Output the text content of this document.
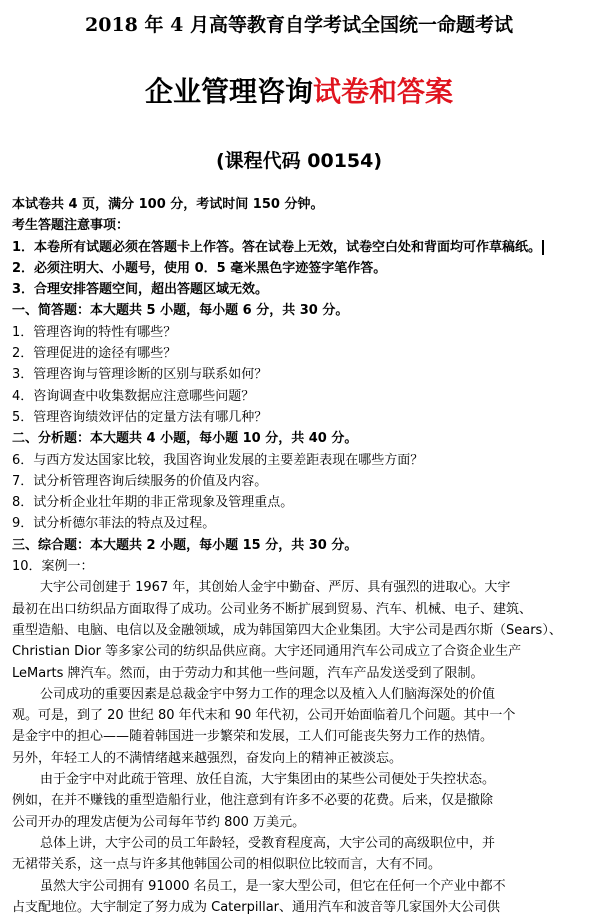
2018 年 4 月高等教育自学考试全国统一命题考试
企业管理咨询试卷和答案
(课程代码 00154)
本试卷共 4 页，满分 100 分，考试时间 150 分钟。
考生答题注意事项：
1．本卷所有试题必须在答题卡上作答。答在试卷上无效，试卷空白处和背面均可作草稿纸。
2．必须注明大、小题号，使用 0．5 毫米黑色字迹签字笔作答。
3．合理安排答题空间，超出答题区域无效。
一、简答题：本大题共 5 小题，每小题 6 分，共 30 分。
1．管理咨询的特性有哪些？
2．管理促进的途径有哪些？
3．管理咨询与管理诊断的区别与联系如何？
4．咨询调查中收集数据应注意哪些问题？
5．管理咨询绩效评估的定量方法有哪几种？
二、分析题：本大题共 4 小题，每小题 10 分，共 40 分。
6．与西方发达国家比较，我国咨询业发展的主要差距表现在哪些方面？
7．试分析管理咨询后续服务的价值及内容。
8．试分析企业壮年期的非正常现象及管理重点。
9．试分析德尔菲法的特点及过程。
三、综合题：本大题共 2 小题，每小题 15 分，共 30 分。
10．案例一：
大宇公司创建于 1967 年，其创始人金宇中勤奋、严厉、具有强烈的进取心。大宇
最初在出口纺织品方面取得了成功。公司业务不断扩展到贸易、汽车、机械、电子、建筑、
重型造船、电脑、电信以及金融领域，成为韩国第四大企业集团。大宇公司是西尔斯（Sears）、
Christian Dior 等多家公司的纺织品供应商。大宇还同通用汽车公司成立了合资企业生产
LeMarts 牌汽车。然而，由于劳动力和其他一些问题，汽车产品发送受到了限制。
公司成功的重要因素是总裁金宇中努力工作的理念以及植入人们脑海深处的价值
观。可是，到了 20 世纪 80 年代末和 90 年代初，公司开始面临着几个问题。其中一个
是金宇中的担心——随着韩国进一步繁荣和发展，工人们可能丧失努力工作的热情。
另外，年轻工人的不满情绪越来越强烈，奋发向上的精神正被淡忘。
由于金宇中对此疏于管理、放任自流，大宇集团由的某些公司便处于失控状态。
例如，在并不赚钱的重型造船行业，他注意到有许多不必要的花费。后来，仅是撤除
公司开办的理发店便为公司每年节约 800 万美元。
总体上讲，大宇公司的员工年龄轻，受教育程度高，大宇公司的高级职位中，并
无裙带关系，这一点与许多其他韩国公司的相似职位比较而言，大有不同。
虽然大宇公司拥有 91000 名员工，是一家大型公司，但它在任何一个产业中都不
占支配地位。大宇制定了努力成为 Caterpillar、通用汽车和波音等几家国外大公司供
